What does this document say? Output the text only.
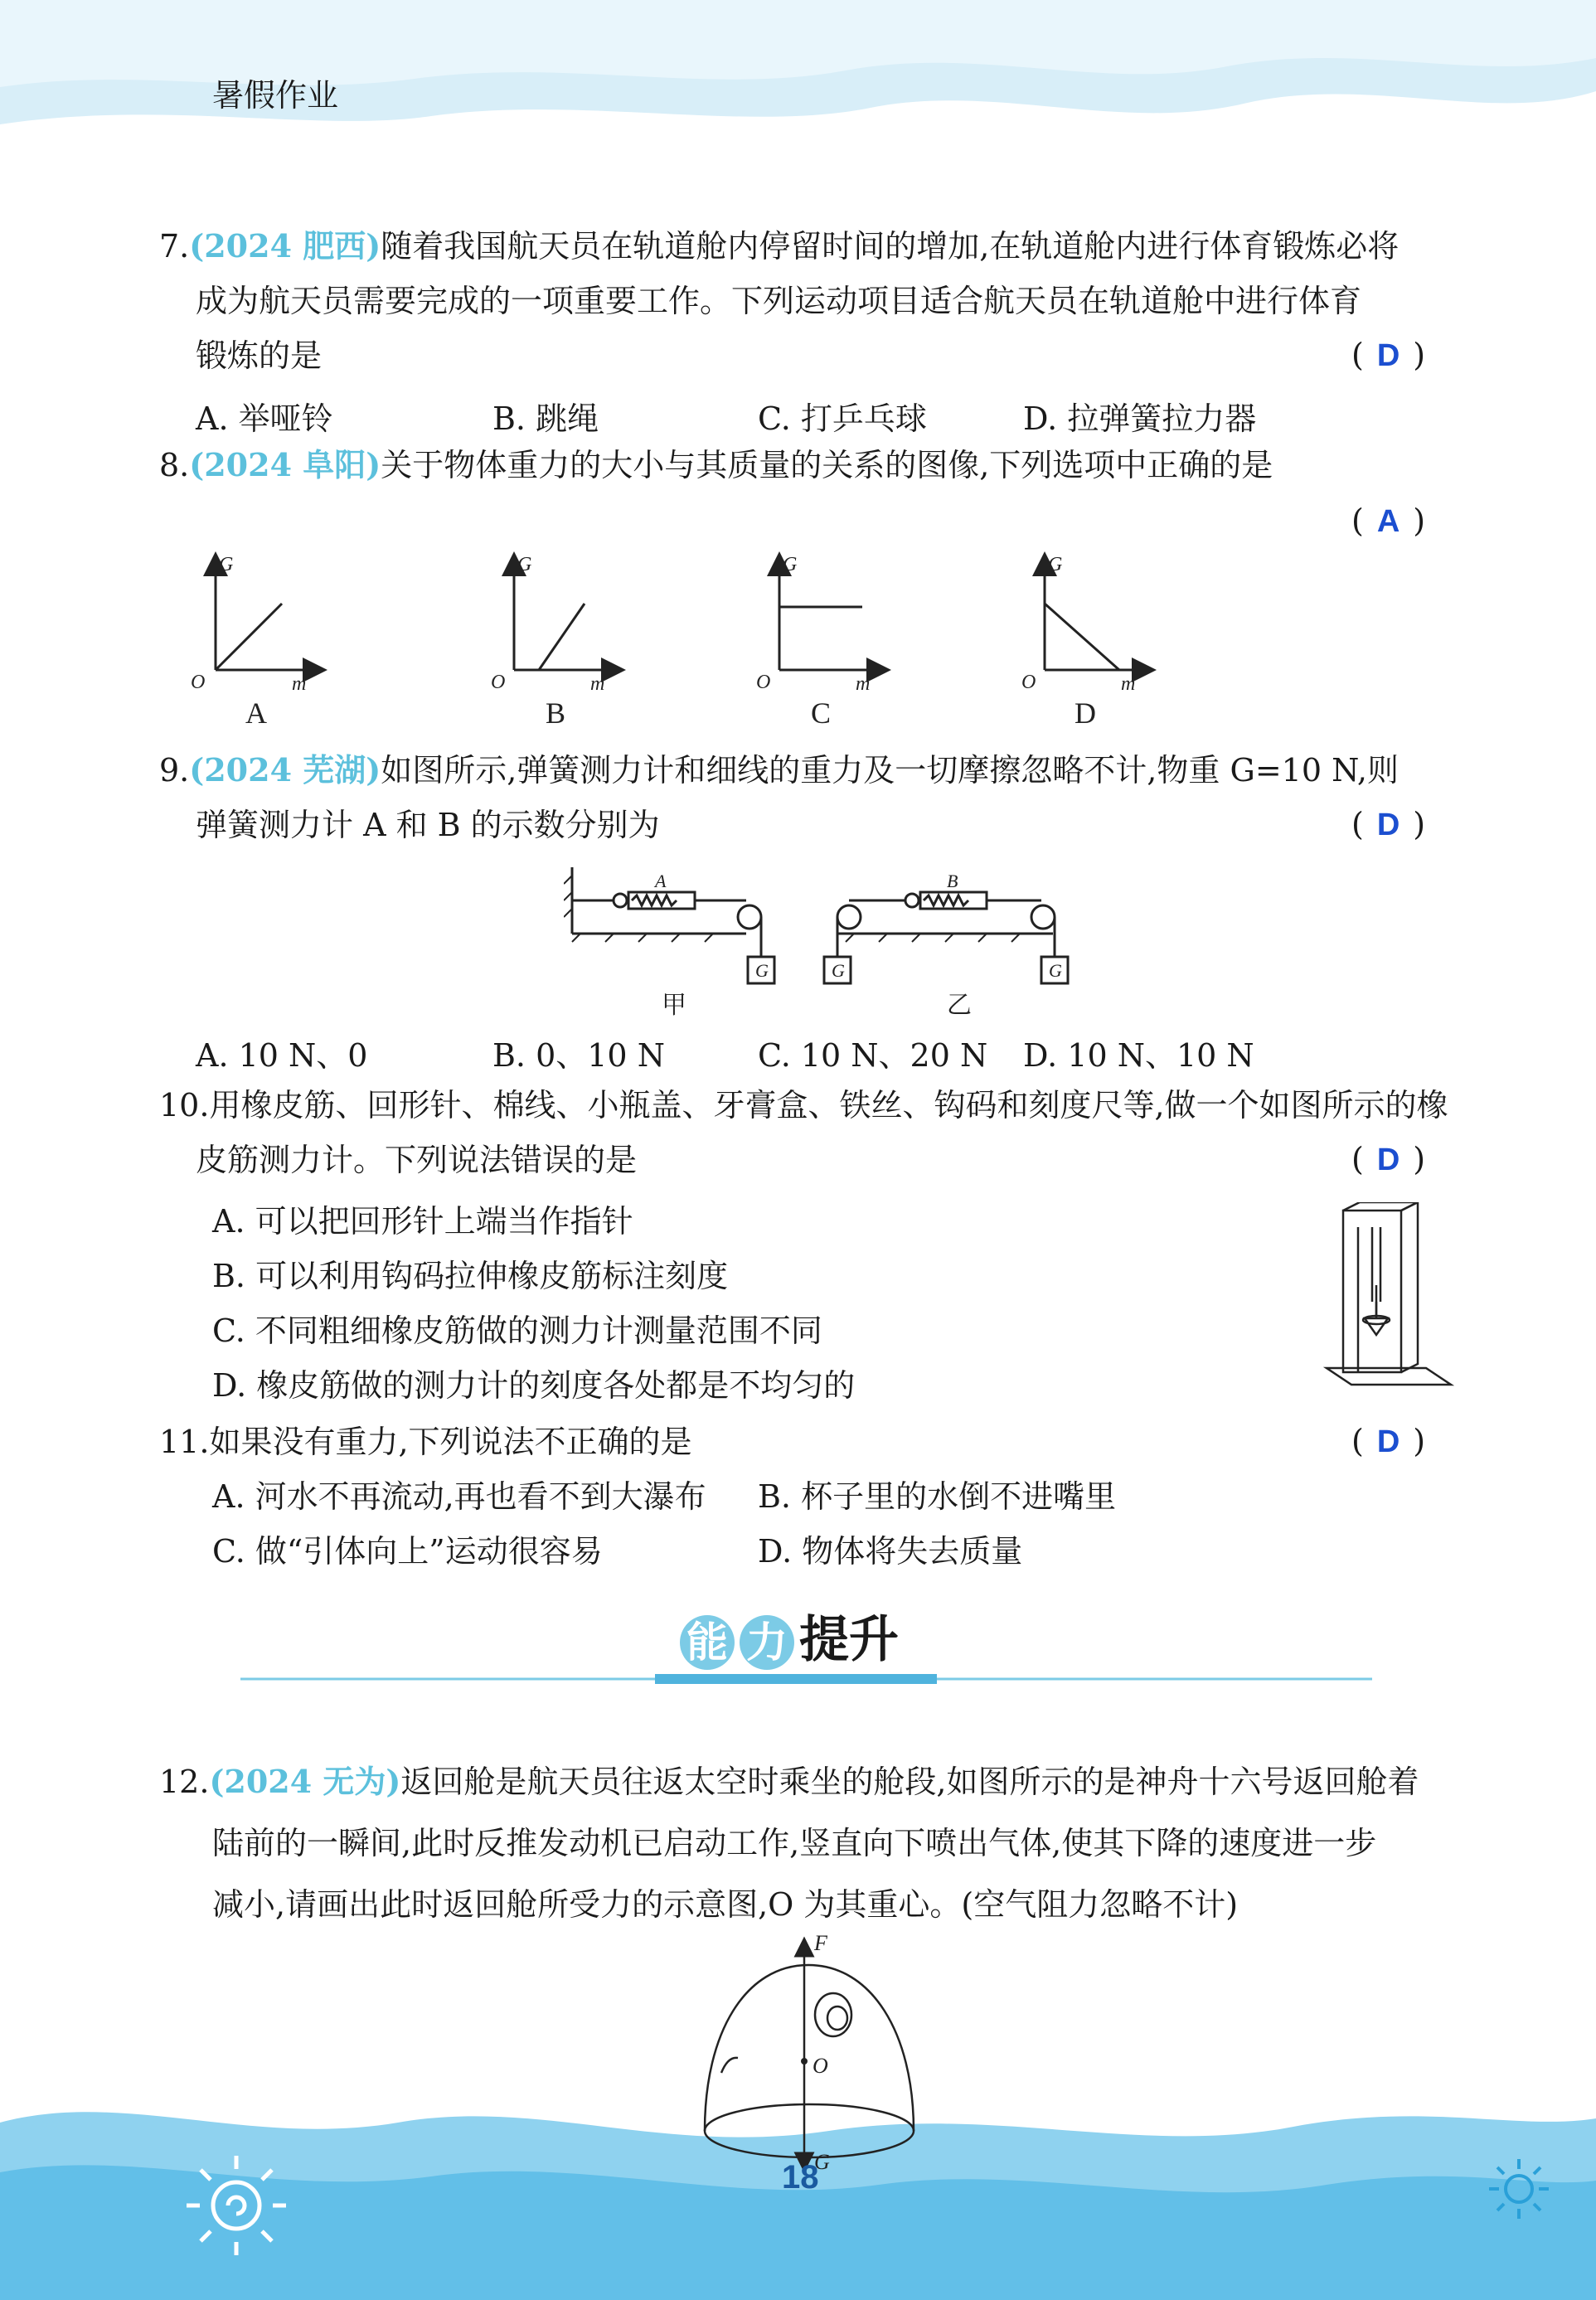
暑假作业
7.(2024 肥西)随着我国航天员在轨道舱内停留时间的增加,在轨道舱内进行体育锻炼必将
成为航天员需要完成的一项重要工作。下列运动项目适合航天员在轨道舱中进行体育
锻炼的是	( D )
A. 举哑铃	B. 跳绳	C. 打乒乓球	D. 拉弹簧拉力器
8.(2024 阜阳)关于物体重力的大小与其质量的关系的图像,下列选项中正确的是
( A )
G
m
O
G
m
O
G
m
O
G
m
O
A	B	C	D
9.(2024 芜湖)如图所示,弹簧测力计和细线的重力及一切摩擦忽略不计,物重 G=10 N,则
弹簧测力计 A 和 B 的示数分别为	( D )
A	B
G	G	G
甲	乙
A. 10 N、0	B. 0、10 N	C. 10 N、20 N D. 10 N、10 N
10.用橡皮筋、回形针、棉线、小瓶盖、牙膏盒、铁丝、钩码和刻度尺等,做一个如图所示的橡
皮筋测力计。下列说法错误的是	( D )
A. 可以把回形针上端当作指针
B. 可以利用钩码拉伸橡皮筋标注刻度
C. 不同粗细橡皮筋做的测力计测量范围不同
D. 橡皮筋做的测力计的刻度各处都是不均匀的
11.如果没有重力,下列说法不正确的是	( D )
A. 河水不再流动,再也看不到大瀑布 B. 杯子里的水倒不进嘴里
C. 做“引体向上”运动很容易	D. 物体将失去质量
能 力 提升
12.(2024 无为)返回舱是航天员往返太空时乘坐的舱段,如图所示的是神舟十六号返回舱着
陆前的一瞬间,此时反推发动机已启动工作,竖直向下喷出气体,使其下降的速度进一步
减小,请画出此时返回舱所受力的示意图,O 为其重心。(空气阻力忽略不计)
F
O
G
18
